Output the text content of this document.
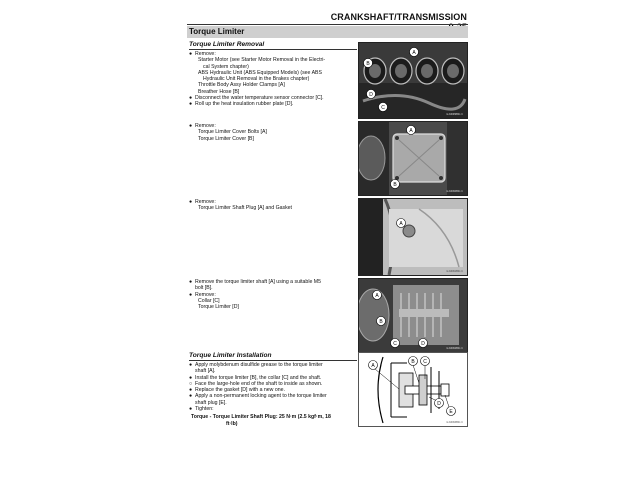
CRANKSHAFT/TRANSMISSION
Torque Limiter
Torque Limiter Removal
● Remove:
Starter Motor (see Starter Motor Removal in the Electri-
cal System chapter)
ABS Hydraulic Unit (ABS Equipped Models) (see ABS
Hydraulic Unit Removal in the Brakes chapter)
Throttle Body Assy Holder Clamps [A]
Breather Hose [B]
● Disconnect the water temperature sensor connector [C].
● Roll up the heat insulation rubber plate [D].
● Remove:
Torque Limiter Cover Bolts [A]
Torque Limiter Cover [B]
● Remove:
Torque Limiter Shaft Plug [A] and Gasket
● Remove the torque limiter shaft [A] using a suitable M5
bolt [B].
● Remove:
Collar [C]
Torque Limiter [D]
Torque Limiter Installation
● Apply molybdenum disulfide grease to the torque limiter
shaft [A].
● Install the torque limiter [B], the collar [C] and the shaft.
○ Face the large-hole end of the shaft to inside as shown.
● Replace the gasket [D] with a new one.
● Apply a non-permanent locking agent to the torque limiter
shaft plug [E].
● Tighten:
Torque - Torque Limiter Shaft Plug: 25 N·m (2.5 kgf·m, 18
ft·lb)
A
B
C
D
GJ16089BS1 C
A
B
GJ16090BS1 C
A
GJ16091BS1 C
A
B
C	D
GJ16092BS1 C
A
B C
D
E
GJ16093BS1 C
